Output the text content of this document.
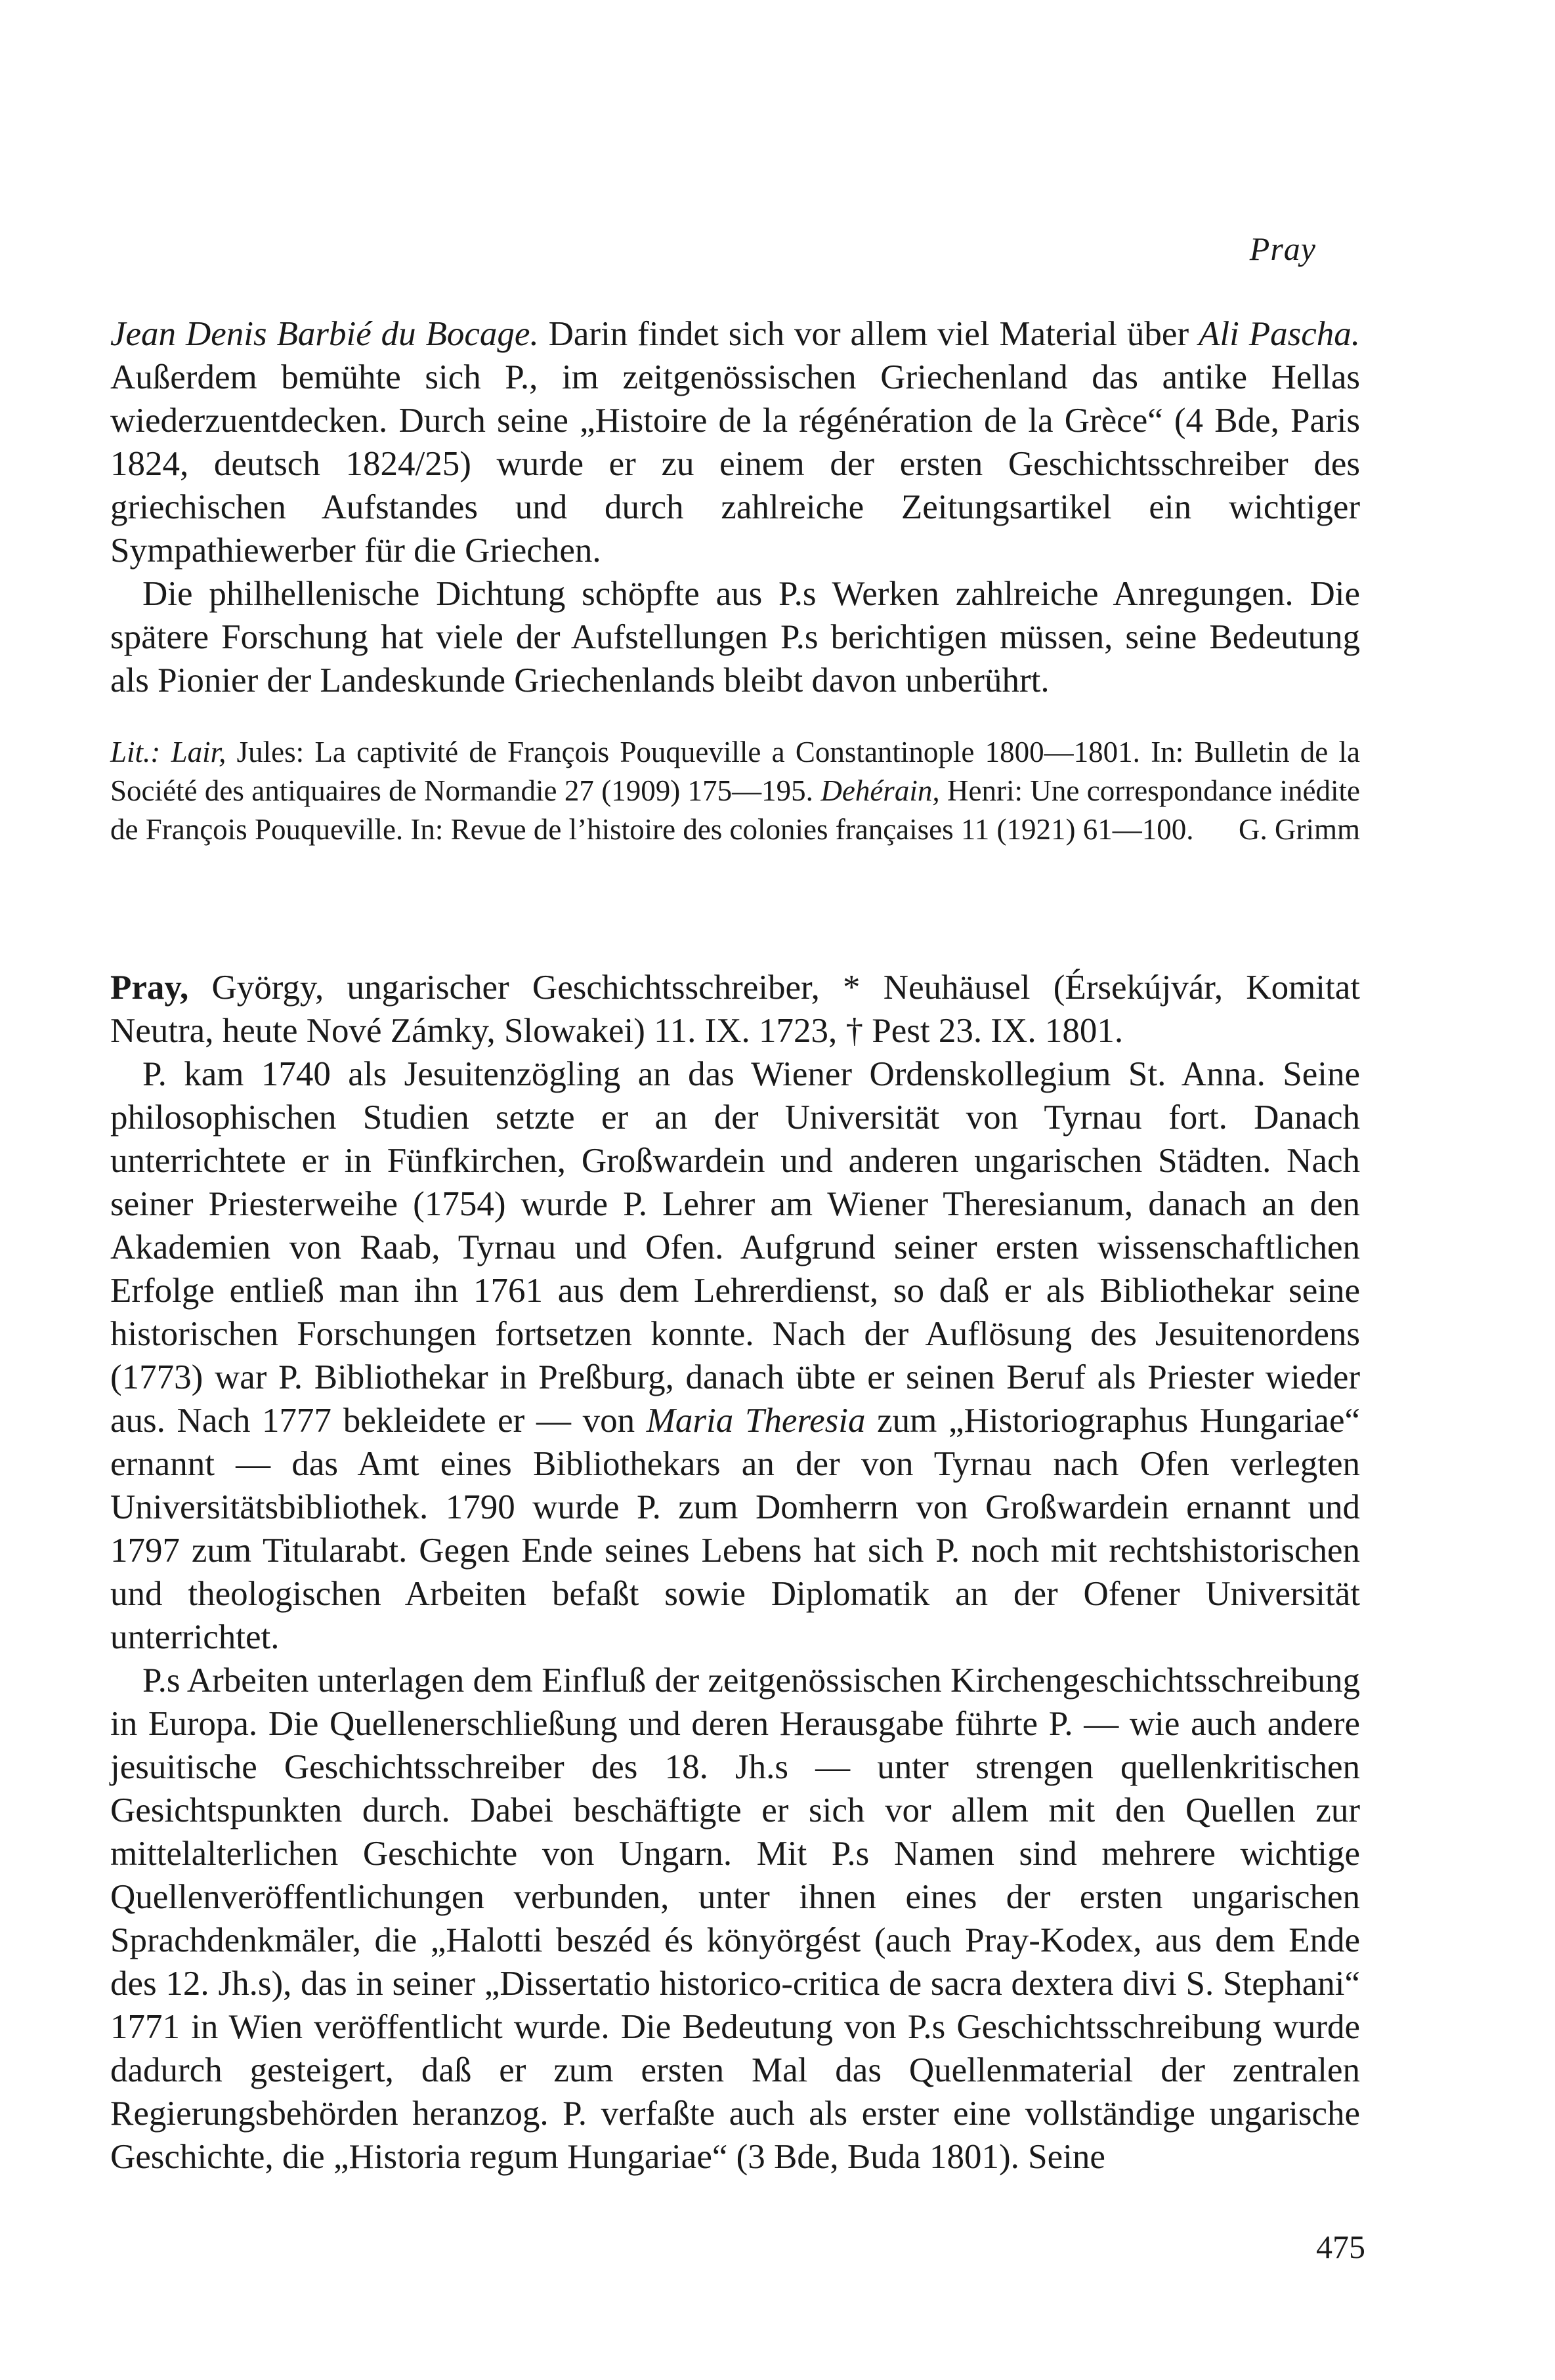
Pray

Jean Denis Barbié du Bocage. Darin findet sich vor allem viel Material über Ali Pascha. Außerdem bemühte sich P., im zeitgenössischen Griechenland das antike Hellas wiederzuentdecken. Durch seine „Histoire de la régénération de la Grèce“ (4 Bde, Paris 1824, deutsch 1824/25) wurde er zu einem der ersten Geschichtsschreiber des griechischen Aufstandes und durch zahlreiche Zeitungsartikel ein wichtiger Sympathiewerber für die Griechen.

Die philhellenische Dichtung schöpfte aus P.s Werken zahlreiche Anregungen. Die spätere Forschung hat viele der Aufstellungen P.s berichtigen müssen, seine Bedeutung als Pionier der Landeskunde Griechenlands bleibt davon unberührt.

Lit.: Lair, Jules: La captivité de François Pouqueville a Constantinople 1800—1801. In: Bulletin de la Société des antiquaires de Normandie 27 (1909) 175—195. Dehérain, Henri: Une correspondance inédite de François Pouqueville. In: Revue de l’histoire des colonies françaises 11 (1921) 61—100. G. Grimm

Pray, György, ungarischer Geschichtsschreiber, * Neuhäusel (Érsekújvár, Komitat Neutra, heute Nové Zámky, Slowakei) 11. IX. 1723, † Pest 23. IX. 1801.

P. kam 1740 als Jesuitenzögling an das Wiener Ordenskollegium St. Anna. Seine philosophischen Studien setzte er an der Universität von Tyrnau fort. Danach unterrichtete er in Fünfkirchen, Großwardein und anderen ungarischen Städten. Nach seiner Priesterweihe (1754) wurde P. Lehrer am Wiener Theresianum, danach an den Akademien von Raab, Tyrnau und Ofen. Aufgrund seiner ersten wissenschaftlichen Erfolge entließ man ihn 1761 aus dem Lehrerdienst, so daß er als Bibliothekar seine historischen Forschungen fortsetzen konnte. Nach der Auflösung des Jesuitenordens (1773) war P. Bibliothekar in Preßburg, danach übte er seinen Beruf als Priester wieder aus. Nach 1777 bekleidete er — von Maria Theresia zum „Historiographus Hungariae“ ernannt — das Amt eines Bibliothekars an der von Tyrnau nach Ofen verlegten Universitätsbibliothek. 1790 wurde P. zum Domherrn von Großwardein ernannt und 1797 zum Titularabt. Gegen Ende seines Lebens hat sich P. noch mit rechtshistorischen und theologischen Arbeiten befaßt sowie Diplomatik an der Ofener Universität unterrichtet.

P.s Arbeiten unterlagen dem Einfluß der zeitgenössischen Kirchengeschichtsschreibung in Europa. Die Quellenerschließung und deren Herausgabe führte P. — wie auch andere jesuitische Geschichtsschreiber des 18. Jh.s — unter strengen quellenkritischen Gesichtspunkten durch. Dabei beschäftigte er sich vor allem mit den Quellen zur mittelalterlichen Geschichte von Ungarn. Mit P.s Namen sind mehrere wichtige Quellenveröffentlichungen verbunden, unter ihnen eines der ersten ungarischen Sprachdenkmäler, die „Halotti beszéd és könyörgést (auch Pray-Kodex, aus dem Ende des 12. Jh.s), das in seiner „Dissertatio historico-critica de sacra dextera divi S. Stephani“ 1771 in Wien veröffentlicht wurde. Die Bedeutung von P.s Geschichtsschreibung wurde dadurch gesteigert, daß er zum ersten Mal das Quellenmaterial der zentralen Regierungsbehörden heranzog. P. verfaßte auch als erster eine vollständige ungarische Geschichte, die „Historia regum Hungariae“ (3 Bde, Buda 1801). Seine

475
